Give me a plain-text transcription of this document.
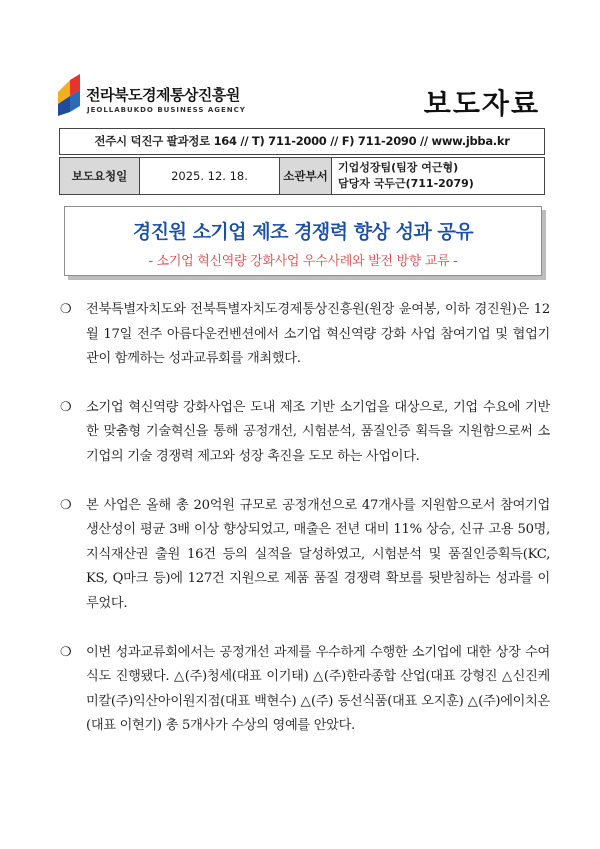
전라북도경제통상진흥원
JEOLLABUKDO BUSINESS AGENCY	보도자료
전주시 덕진구 팔과정로 164 // T) 711-2000 // F) 711-2090 // www.jbba.kr
보도요청일	2025. 12. 18.	소관부서
기업성장팀(팀장 여근형)
담당자 국두근(711-2079)
경진원 소기업 제조 경쟁력 향상 성과 공유
- 소기업 혁신역량 강화사업 우수사례와 발전 방향 교류 -
❍	전북특별자치도와 전북특별자치도경제통상진흥원(원장 윤여봉, 이하 경진원)은 12월 17일 전주 아름다운컨벤션에서 소기업 혁신역량 강화 사업 참여기업 및 협업기관이 함께하는 성과교류회를 개최했다.
❍	소기업 혁신역량 강화사업은 도내 제조 기반 소기업을 대상으로, 기업 수요에 기반한 맞춤형 기술혁신을 통해 공정개선, 시험분석, 품질인증 획득을 지원함으로써 소기업의 기술 경쟁력 제고와 성장 촉진을 도모 하는 사업이다.
❍	본 사업은 올해 총 20억원 규모로 공정개선으로 47개사를 지원함으로서 참여기업 생산성이 평균 3배 이상 향상되었고, 매출은 전년 대비 11% 상승, 신규 고용 50명, 지식재산권 출원 16건 등의 실적을 달성하였고, 시험분석 및 품질인증획득(KC, KS, Q마크 등)에 127건 지원으로 제품 품질 경쟁력 확보를 뒷받침하는 성과를 이루었다.
❍	이번 성과교류회에서는 공정개선 과제를 우수하게 수행한 소기업에 대한 상장 수여식도 진행됐다. △(주)청세(대표 이기태) △(주)한라종합 산업(대표 강형진 △신진케미칼(주)익산아이원지점(대표 백현수) △(주) 동선식품(대표 오지훈) △(주)에이치온(대표 이현기) 총 5개사가 수상의 영예를 안았다.
